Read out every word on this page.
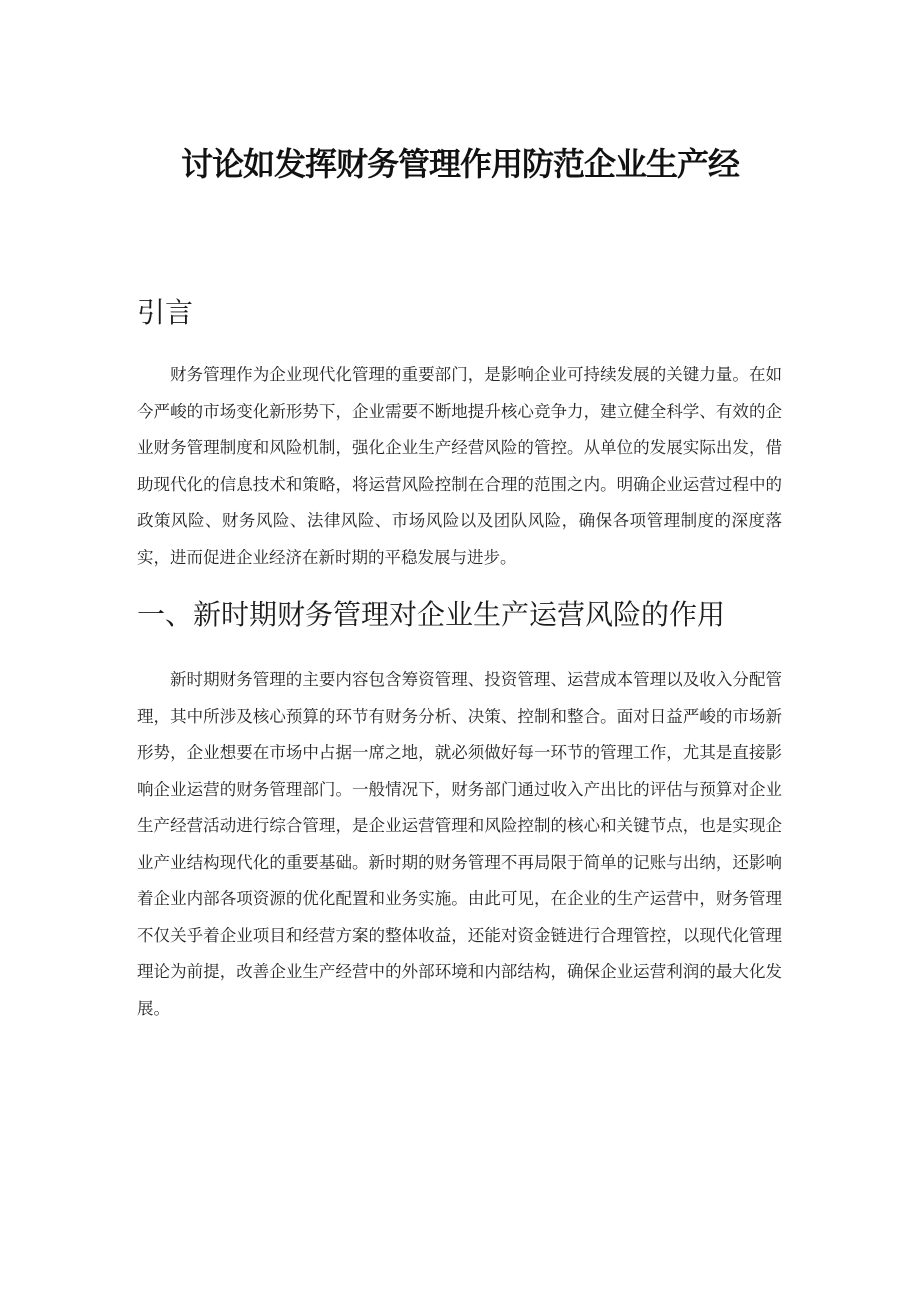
讨论如发挥财务管理作用防范企业生产经
引言

财务管理作为企业现代化管理的重要部门，是影响企业可持续发展的关键力量。在如今严峻的市场变化新形势下，企业需要不断地提升核心竞争力，建立健全科学、有效的企业财务管理制度和风险机制，强化企业生产经营风险的管控。从单位的发展实际出发，借助现代化的信息技术和策略，将运营风险控制在合理的范围之内。明确企业运营过程中的政策风险、财务风险、法律风险、市场风险以及团队风险，确保各项管理制度的深度落实，进而促进企业经济在新时期的平稳发展与进步。

一、新时期财务管理对企业生产运营风险的作用

新时期财务管理的主要内容包含筹资管理、投资管理、运营成本管理以及收入分配管理，其中所涉及核心预算的环节有财务分析、决策、控制和整合。面对日益严峻的市场新形势，企业想要在市场中占据一席之地，就必须做好每一环节的管理工作，尤其是直接影响企业运营的财务管理部门。一般情况下，财务部门通过收入产出比的评估与预算对企业生产经营活动进行综合管理，是企业运营管理和风险控制的核心和关键节点，也是实现企业产业结构现代化的重要基础。新时期的财务管理不再局限于简单的记账与出纳，还影响着企业内部各项资源的优化配置和业务实施。由此可见，在企业的生产运营中，财务管理不仅关乎着企业项目和经营方案的整体收益，还能对资金链进行合理管控，以现代化管理理论为前提，改善企业生产经营中的外部环境和内部结构，确保企业运营利润的最大化发展。
